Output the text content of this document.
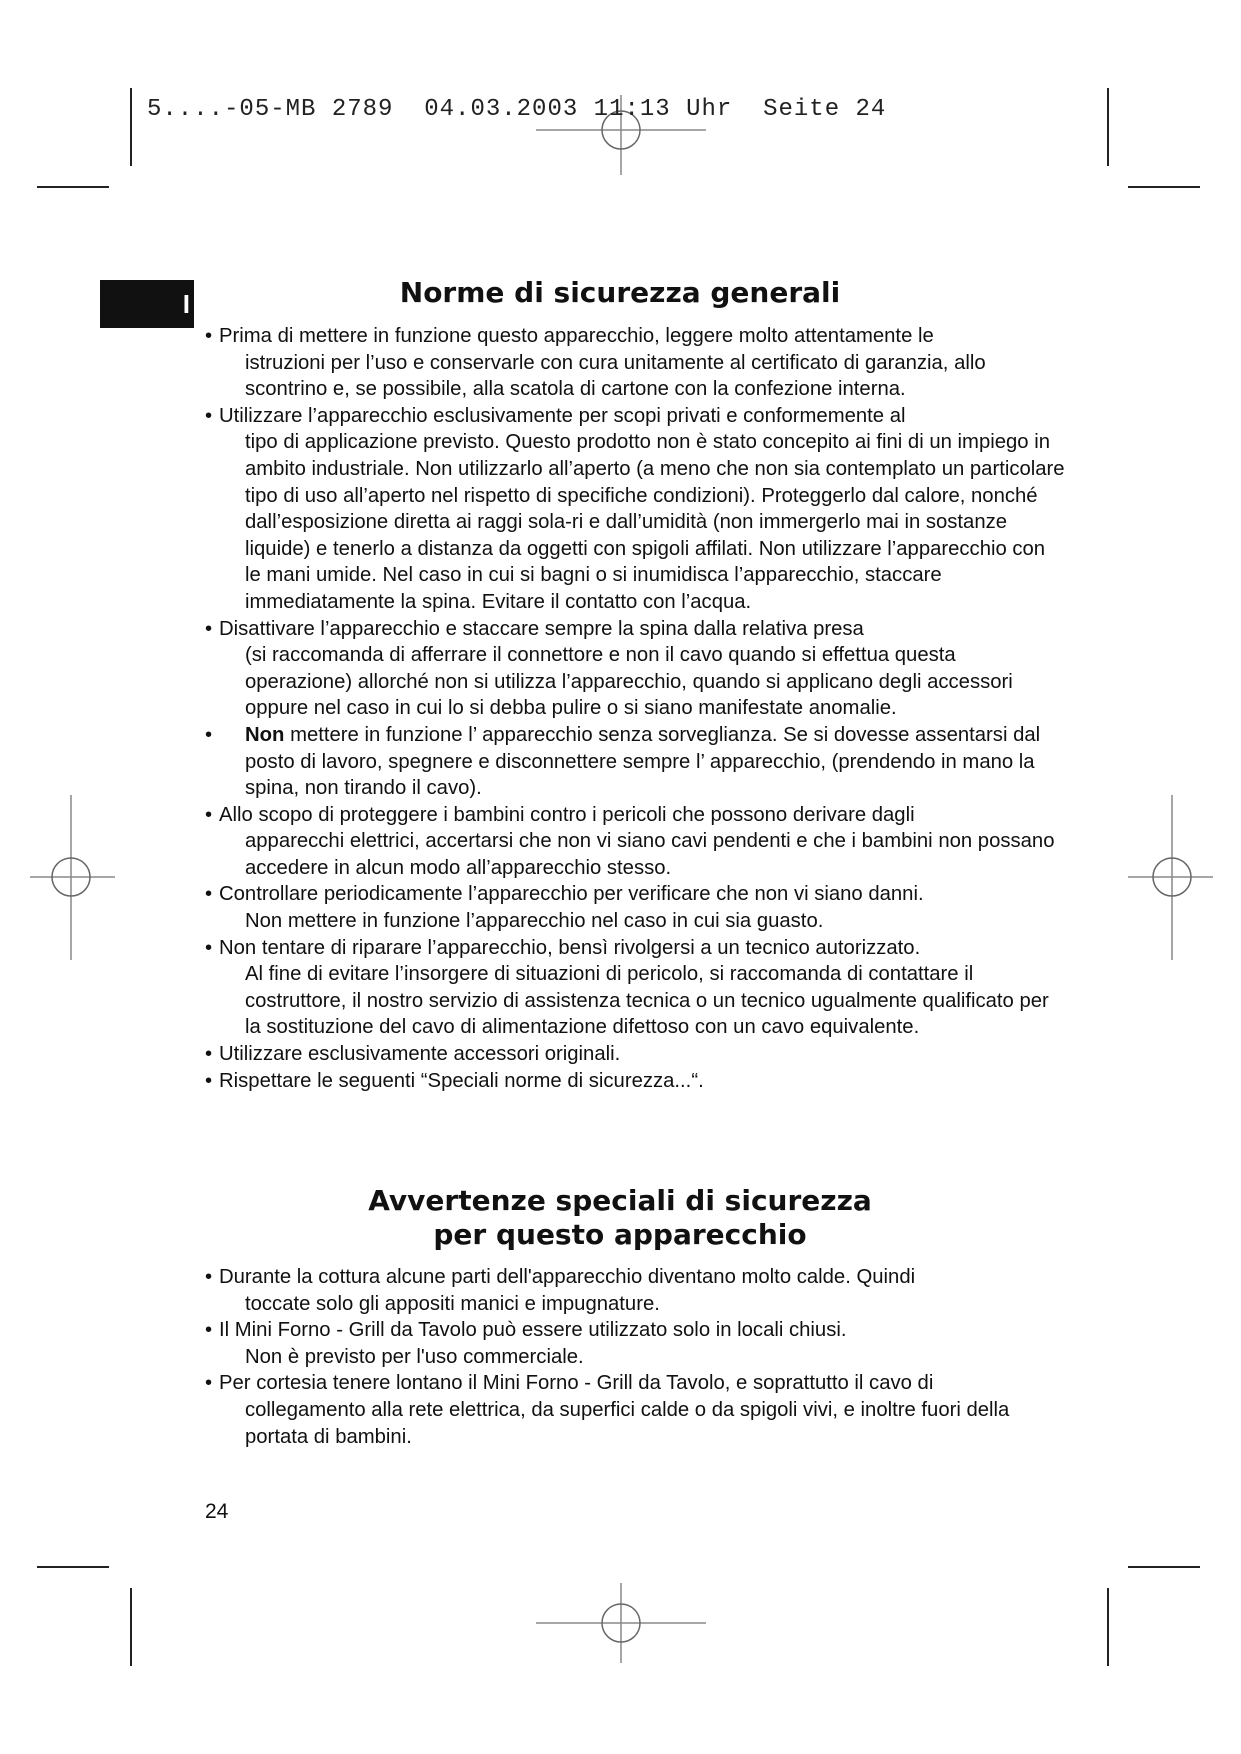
5....-05-MB 2789  04.03.2003 11:13 Uhr  Seite 24
I	Norme di sicurezza generali
• Prima di mettere in funzione questo apparecchio, leggere molto attentamente le
istruzioni per l’uso e conservarle con cura unitamente al certificato di garanzia, allo scontrino e, se possibile, alla scatola di cartone con la confezione interna.
• Utilizzare l’apparecchio esclusivamente per scopi privati e conformemente al
tipo di applicazione previsto. Questo prodotto non è stato concepito ai fini di un impiego in ambito industriale. Non utilizzarlo all’aperto (a meno che non sia contemplato un particolare tipo di uso all’aperto nel rispetto di specifiche condizioni). Proteggerlo dal calore, nonché dall’esposizione diretta ai raggi sola-ri e dall’umidità (non immergerlo mai in sostanze liquide) e tenerlo a distanza da oggetti con spigoli affilati. Non utilizzare l’apparecchio con le mani umide. Nel caso in cui si bagni o si inumidisca l’apparecchio, staccare immediatamente la spina. Evitare il contatto con l’acqua.
• Disattivare l’apparecchio e staccare sempre la spina dalla relativa presa
(si raccomanda di afferrare il connettore e non il cavo quando si effettua questa operazione) allorché non si utilizza l’apparecchio, quando si applicano degli accessori oppure nel caso in cui lo si debba pulire o si siano manifestate anomalie.
•	Non mettere in funzione l’ apparecchio senza sorveglianza. Se si dovesse assentarsi dal posto di lavoro, spegnere e disconnettere sempre l’ apparecchio, (prendendo in mano la spina, non tirando il cavo).
• Allo scopo di proteggere i bambini contro i pericoli che possono derivare dagli
apparecchi elettrici, accertarsi che non vi siano cavi pendenti e che i bambini non possano accedere in alcun modo all’apparecchio stesso.
• Controllare periodicamente l’apparecchio per verificare che non vi siano danni.
Non mettere in funzione l’apparecchio nel caso in cui sia guasto.
• Non tentare di riparare l’apparecchio, bensì rivolgersi a un tecnico autorizzato.
Al fine di evitare l’insorgere di situazioni di pericolo, si raccomanda di contattare il costruttore, il nostro servizio di assistenza tecnica o un tecnico ugualmente qualificato per la sostituzione del cavo di alimentazione difettoso con un cavo equivalente.
• Utilizzare esclusivamente accessori originali.
• Rispettare le seguenti “Speciali norme di sicurezza...“.
Avvertenze speciali di sicurezza
per questo apparecchio
• Durante la cottura alcune parti dell'apparecchio diventano molto calde. Quindi
toccate solo gli appositi manici e impugnature.
• Il Mini Forno - Grill da Tavolo può essere utilizzato solo in locali chiusi.
Non è previsto per l'uso commerciale.
• Per cortesia tenere lontano il Mini Forno - Grill da Tavolo, e soprattutto il cavo di
collegamento alla rete elettrica, da superfici calde o da spigoli vivi, e inoltre fuori della portata di bambini.
24
